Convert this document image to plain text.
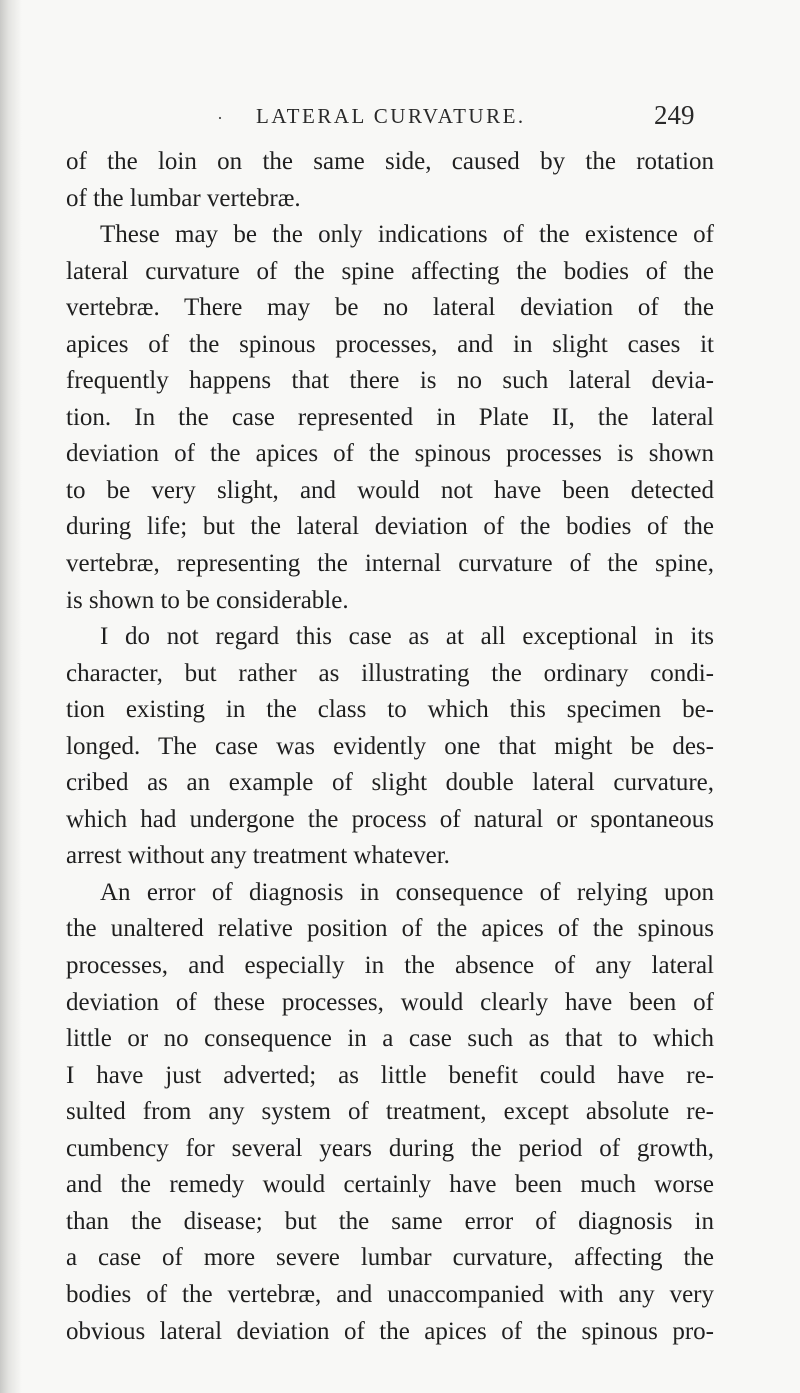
· LATERAL CURVATURE.	249
of the loin on the same side, caused by the rotation
of the lumbar vertebræ.
These may be the only indications of the existence of
lateral curvature of the spine affecting the bodies of the
vertebræ. There may be no lateral deviation of the
apices of the spinous processes, and in slight cases it
frequently happens that there is no such lateral devia-
tion. In the case represented in Plate II, the lateral
deviation of the apices of the spinous processes is shown
to be very slight, and would not have been detected
during life; but the lateral deviation of the bodies of the
vertebræ, representing the internal curvature of the spine,
is shown to be considerable.
I do not regard this case as at all exceptional in its
character, but rather as illustrating the ordinary condi-
tion existing in the class to which this specimen be-
longed. The case was evidently one that might be des-
cribed as an example of slight double lateral curvature,
which had undergone the process of natural or spontaneous
arrest without any treatment whatever.
An error of diagnosis in consequence of relying upon
the unaltered relative position of the apices of the spinous
processes, and especially in the absence of any lateral
deviation of these processes, would clearly have been of
little or no consequence in a case such as that to which
I have just adverted; as little benefit could have re-
sulted from any system of treatment, except absolute re-
cumbency for several years during the period of growth,
and the remedy would certainly have been much worse
than the disease; but the same error of diagnosis in
a case of more severe lumbar curvature, affecting the
bodies of the vertebræ, and unaccompanied with any very
obvious lateral deviation of the apices of the spinous pro-
